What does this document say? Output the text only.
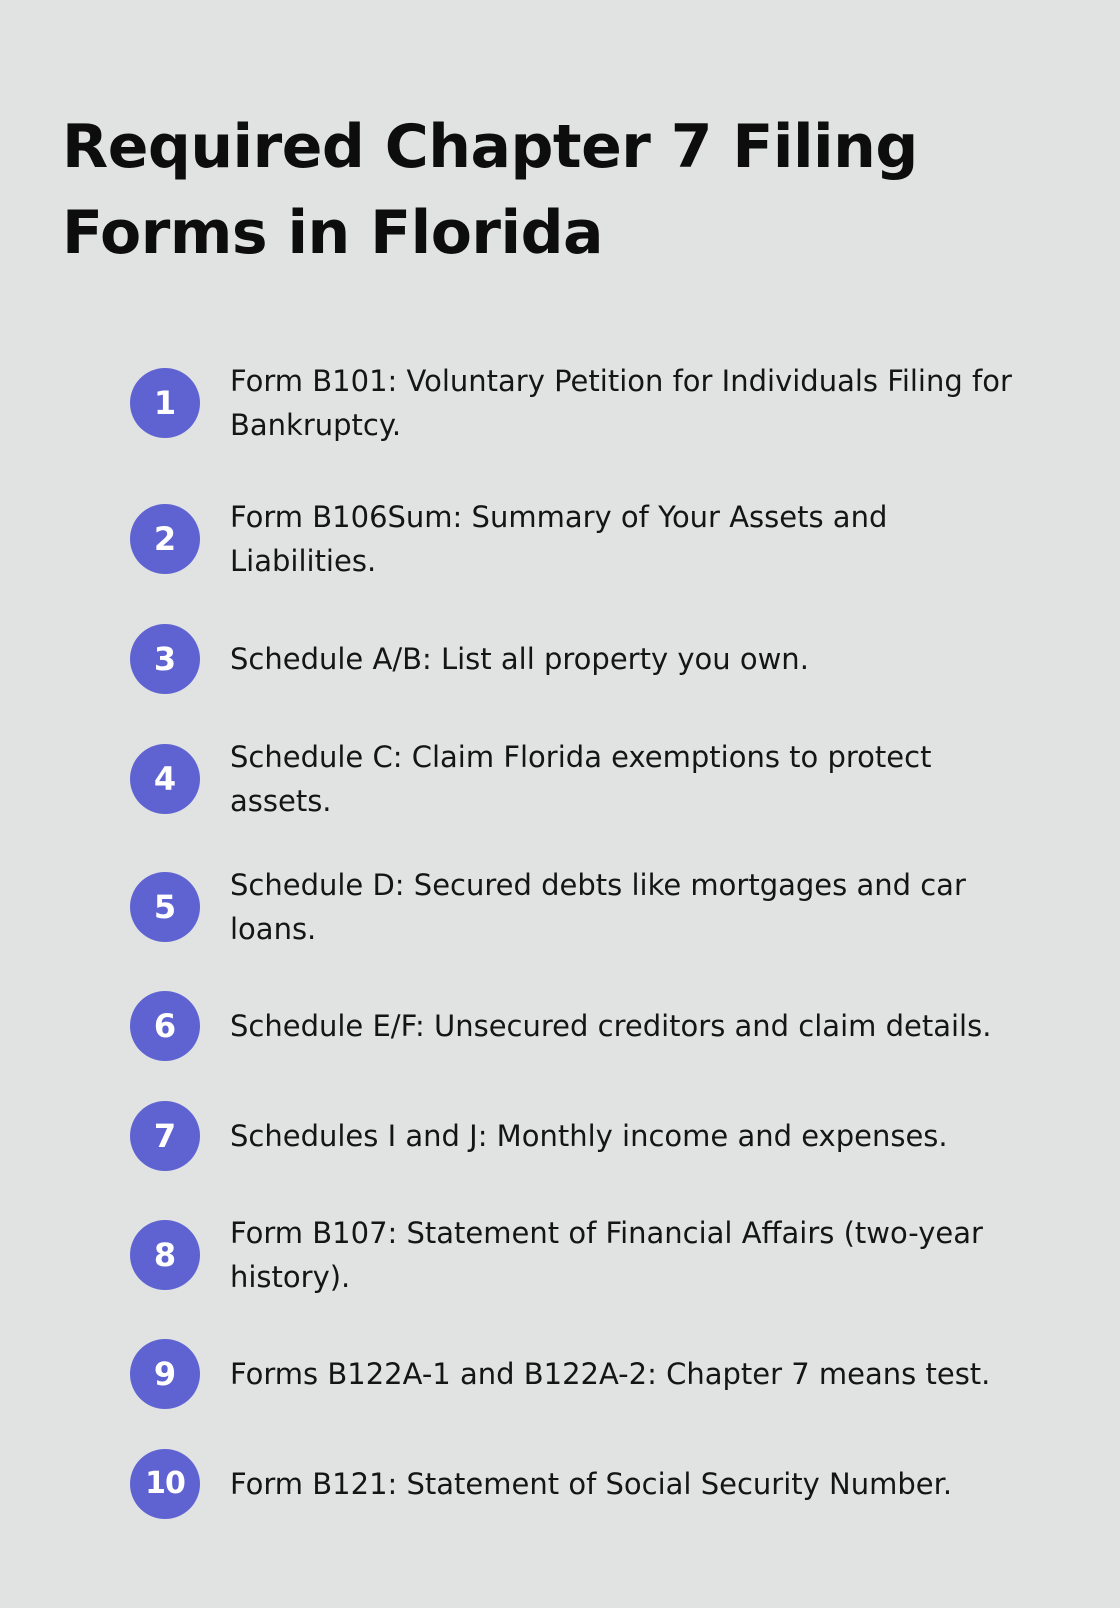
Required Chapter 7 Filing Forms in Florida
1
Form B101: Voluntary Petition for Individuals Filing for Bankruptcy.
2
Form B106Sum: Summary of Your Assets and Liabilities.
3	Schedule A/B: List all property you own.
4
Schedule C: Claim Florida exemptions to protect assets.
5
Schedule D: Secured debts like mortgages and car loans.
6	Schedule E/F: Unsecured creditors and claim details.
7	Schedules I and J: Monthly income and expenses.
8
Form B107: Statement of Financial Affairs (two-year history).
9	Forms B122A-1 and B122A-2: Chapter 7 means test.
10	Form B121: Statement of Social Security Number.
